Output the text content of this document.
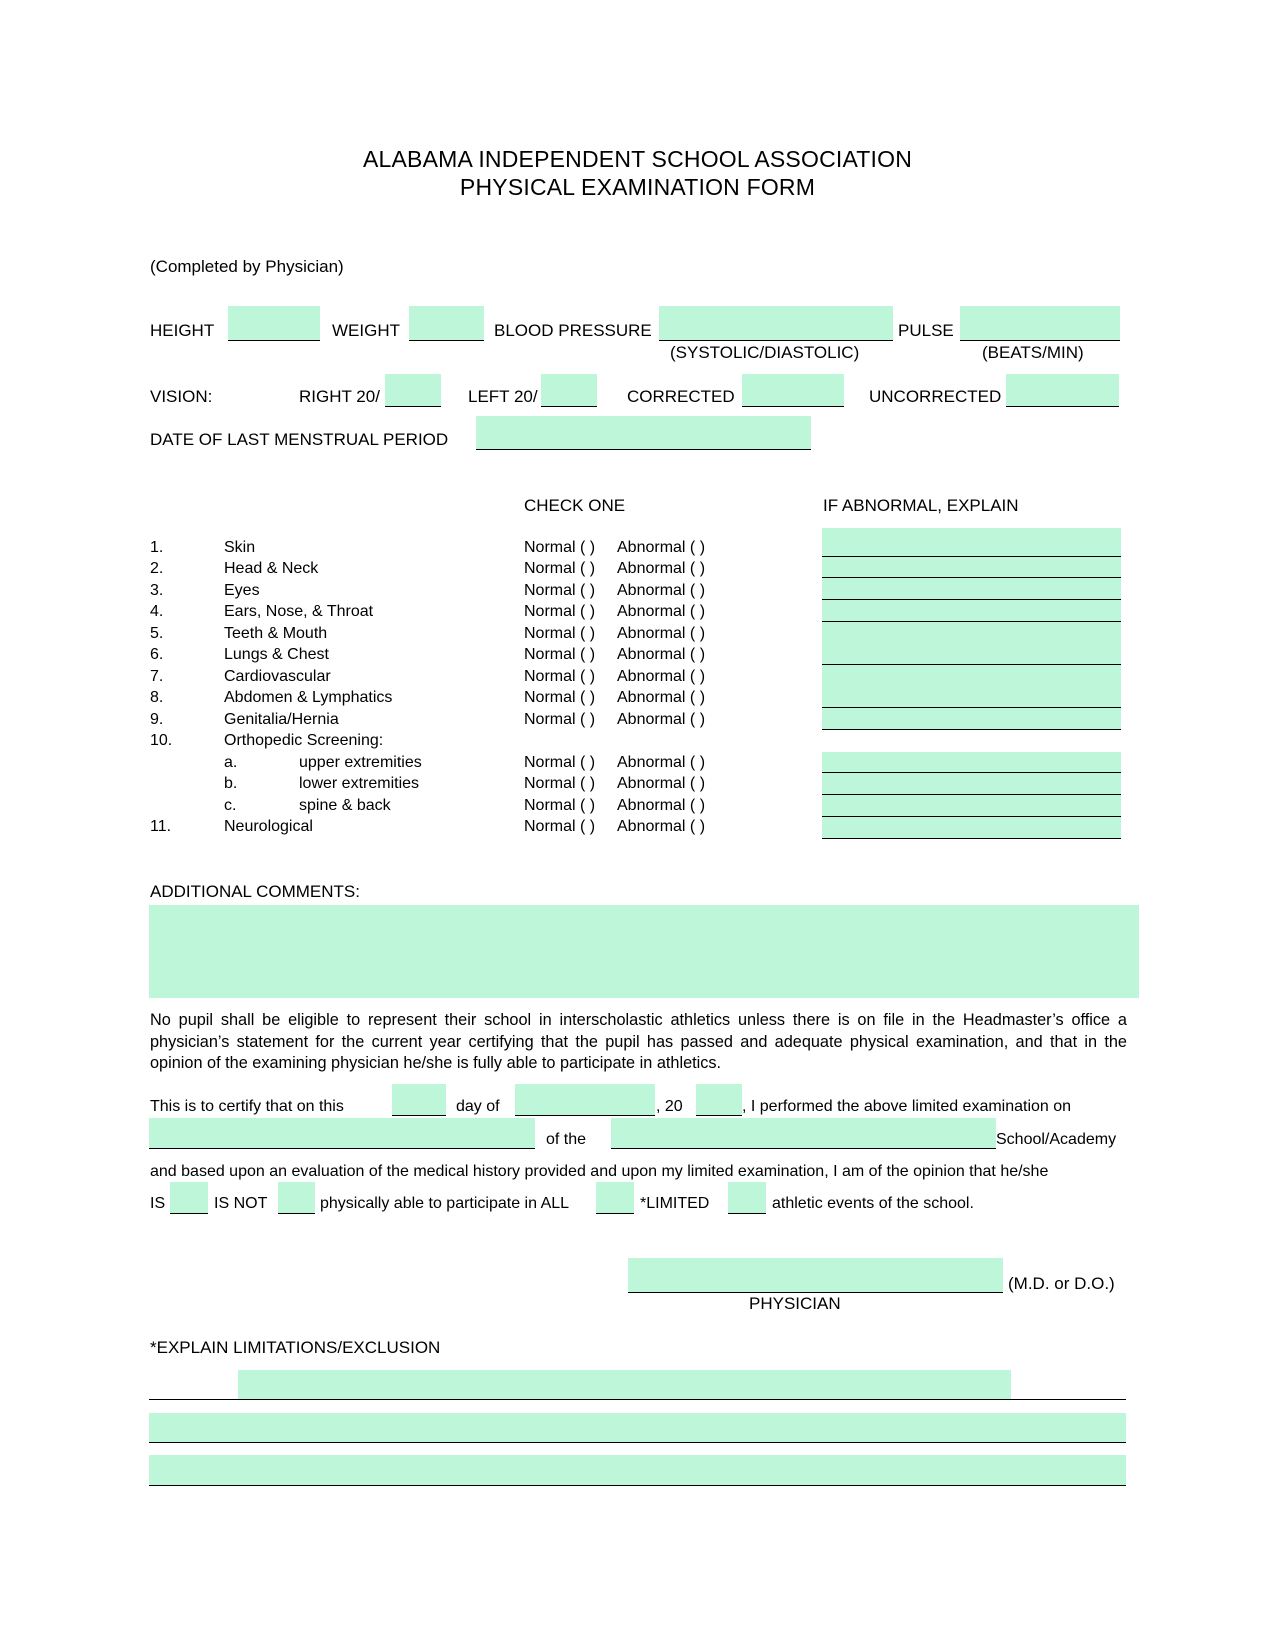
ALABAMA INDEPENDENT SCHOOL ASSOCIATION
PHYSICAL EXAMINATION FORM
(Completed by Physician)
HEIGHT	WEIGHT	BLOOD PRESSURE	PULSE
(SYSTOLIC/DIASTOLIC)	(BEATS/MIN)
VISION:	RIGHT 20/	LEFT 20/	CORRECTED	UNCORRECTED
DATE OF LAST MENSTRUAL PERIOD
CHECK ONE	IF ABNORMAL, EXPLAIN
1.	Skin	Normal ( ) Abnormal ( )
2.	Head & Neck	Normal ( ) Abnormal ( )
3.	Eyes	Normal ( ) Abnormal ( )
4.	Ears, Nose, & Throat	Normal ( ) Abnormal ( )
5.	Teeth & Mouth	Normal ( ) Abnormal ( )
6.	Lungs & Chest	Normal ( ) Abnormal ( )
7.	Cardiovascular	Normal ( ) Abnormal ( )
8.	Abdomen & Lymphatics	Normal ( ) Abnormal ( )
9.	Genitalia/Hernia	Normal ( ) Abnormal ( )
10.	Orthopedic Screening:
a.	upper extremities	Normal ( ) Abnormal ( )
b.	lower extremities	Normal ( ) Abnormal ( )
c.	spine & back	Normal ( ) Abnormal ( )
11.	Neurological	Normal ( ) Abnormal ( )
ADDITIONAL COMMENTS:
No pupil shall be eligible to represent their school in interscholastic athletics unless there is on file in the Headmaster’s office a physician’s statement for the current year certifying that the pupil has passed and adequate physical examination, and that in the opinion of the examining physician he/she is fully able to participate in athletics.
This is to certify that on this	day of	, 20	, I performed the above limited examination on
of the	School/Academy
and based upon an evaluation of the medical history provided and upon my limited examination, I am of the opinion that he/she
IS	IS NOT	physically able to participate in ALL	*LIMITED	athletic events of the school.
(M.D. or D.O.)
PHYSICIAN
*EXPLAIN LIMITATIONS/EXCLUSION
